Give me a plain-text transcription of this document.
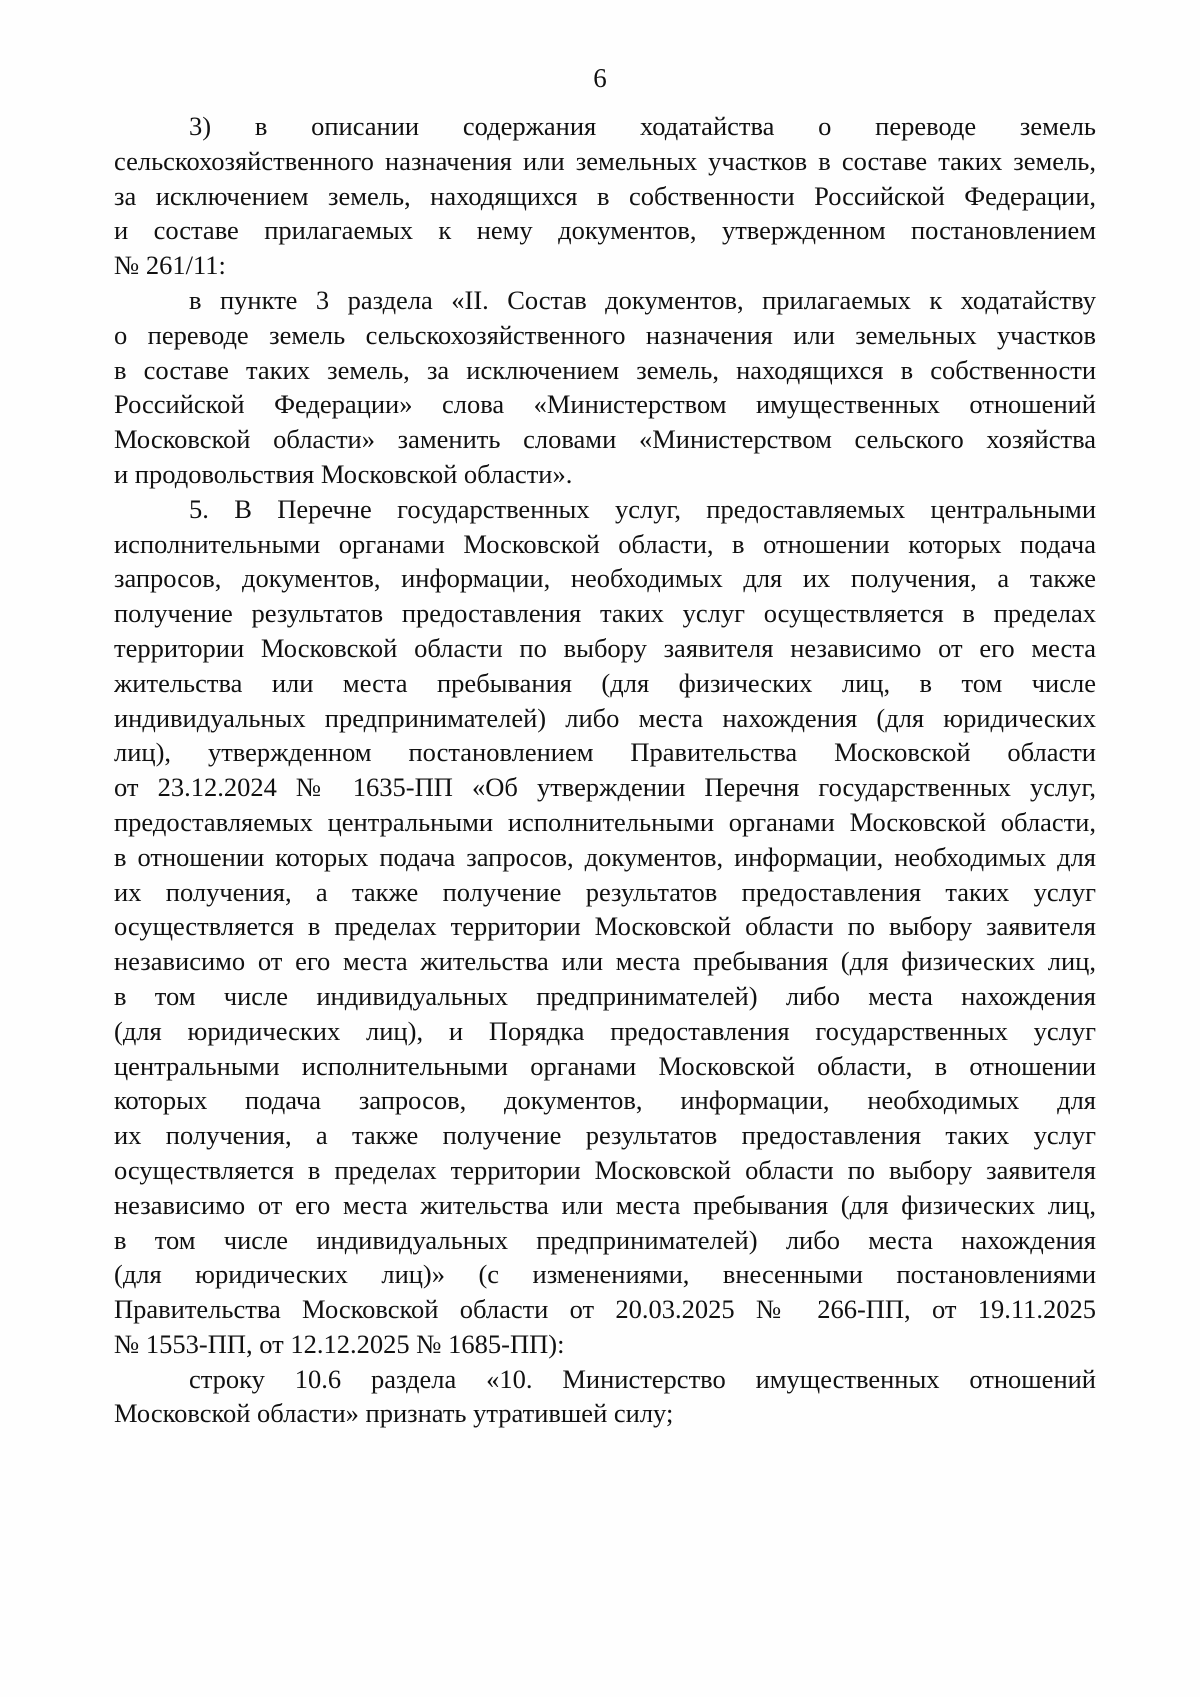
6
3)    в    описании    содержания    ходатайства    о    переводе    земель
сельскохозяйственного назначения или земельных участков в составе таких земель,
за исключением земель, находящихся в собственности Российской Федерации,
и составе прилагаемых к нему документов, утвержденном постановлением
№ 261/11:
в пункте 3 раздела «II. Состав документов, прилагаемых к ходатайству
о переводе земель сельскохозяйственного назначения или земельных участков
в составе таких земель, за исключением земель, находящихся в собственности
Российской Федерации» слова «Министерством имущественных отношений
Московской области» заменить словами «Министерством сельского хозяйства
и продовольствия Московской области».
5. В Перечне государственных услуг, предоставляемых центральными
исполнительными органами Московской области, в отношении которых подача
запросов, документов, информации, необходимых для их получения, а также
получение результатов предоставления таких услуг осуществляется в пределах
территории Московской области по выбору заявителя независимо от его места
жительства или места пребывания (для физических лиц, в том числе
индивидуальных предпринимателей) либо места нахождения (для юридических
лиц), утвержденном постановлением Правительства Московской области
от 23.12.2024 № 1635-ПП «Об утверждении Перечня государственных услуг,
предоставляемых центральными исполнительными органами Московской области,
в отношении которых подача запросов, документов, информации, необходимых для
их получения, а также получение результатов предоставления таких услуг
осуществляется в пределах территории Московской области по выбору заявителя
независимо от его места жительства или места пребывания (для физических лиц,
в том числе индивидуальных предпринимателей) либо места нахождения
(для юридических лиц), и Порядка предоставления государственных услуг
центральными исполнительными органами Московской области, в отношении
которых подача запросов, документов, информации, необходимых для
их получения, а также получение результатов предоставления таких услуг
осуществляется в пределах территории Московской области по выбору заявителя
независимо от его места жительства или места пребывания (для физических лиц,
в том числе индивидуальных предпринимателей) либо места нахождения
(для юридических лиц)» (с изменениями, внесенными постановлениями
Правительства Московской области от 20.03.2025 № 266-ПП, от 19.11.2025
№ 1553-ПП, от 12.12.2025 № 1685-ПП):
строку 10.6 раздела «10. Министерство имущественных отношений
Московской области» признать утратившей силу;
